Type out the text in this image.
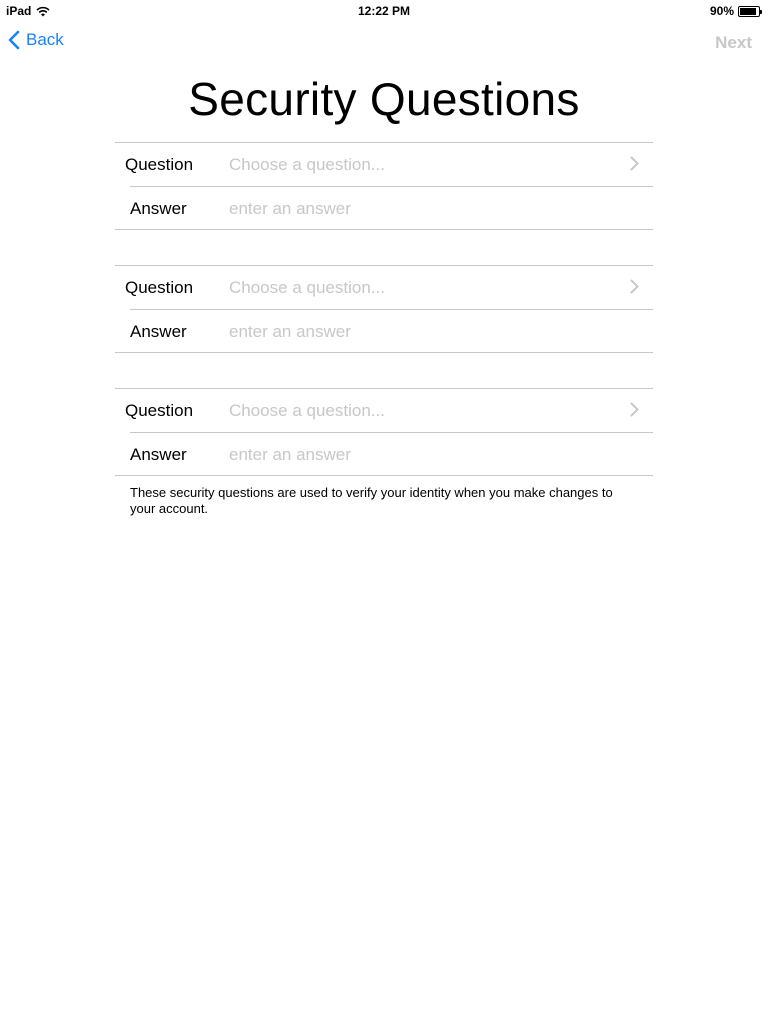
iPad	12:22 PM	90%
Back	Next
Security Questions
Question Choose a question...
Answer enter an answer
Question Choose a question...
Answer enter an answer
Question Choose a question...
Answer enter an answer
These security questions are used to verify your identity when you make changes to your account.
